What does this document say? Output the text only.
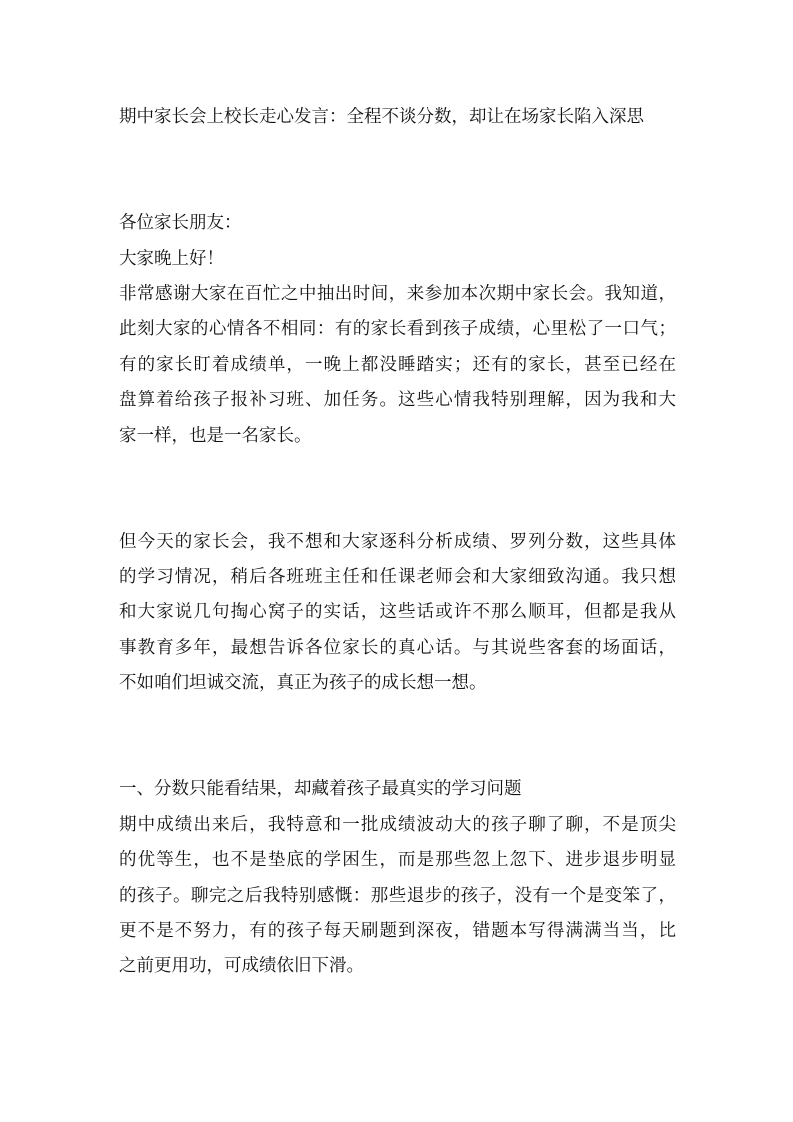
期中家长会上校长走心发言：全程不谈分数，却让在场家长陷入深思
各位家长朋友：
大家晚上好！
非常感谢大家在百忙之中抽出时间，来参加本次期中家长会。我知道，
此刻大家的心情各不相同：有的家长看到孩子成绩，心里松了一口气；
有的家长盯着成绩单，一晚上都没睡踏实；还有的家长，甚至已经在
盘算着给孩子报补习班、加任务。这些心情我特别理解，因为我和大
家一样，也是一名家长。
但今天的家长会，我不想和大家逐科分析成绩、罗列分数，这些具体
的学习情况，稍后各班班主任和任课老师会和大家细致沟通。我只想
和大家说几句掏心窝子的实话，这些话或许不那么顺耳，但都是我从
事教育多年，最想告诉各位家长的真心话。与其说些客套的场面话，
不如咱们坦诚交流，真正为孩子的成长想一想。
一、分数只能看结果，却藏着孩子最真实的学习问题
期中成绩出来后，我特意和一批成绩波动大的孩子聊了聊，不是顶尖
的优等生，也不是垫底的学困生，而是那些忽上忽下、进步退步明显
的孩子。聊完之后我特别感慨：那些退步的孩子，没有一个是变笨了，
更不是不努力，有的孩子每天刷题到深夜，错题本写得满满当当，比
之前更用功，可成绩依旧下滑。
